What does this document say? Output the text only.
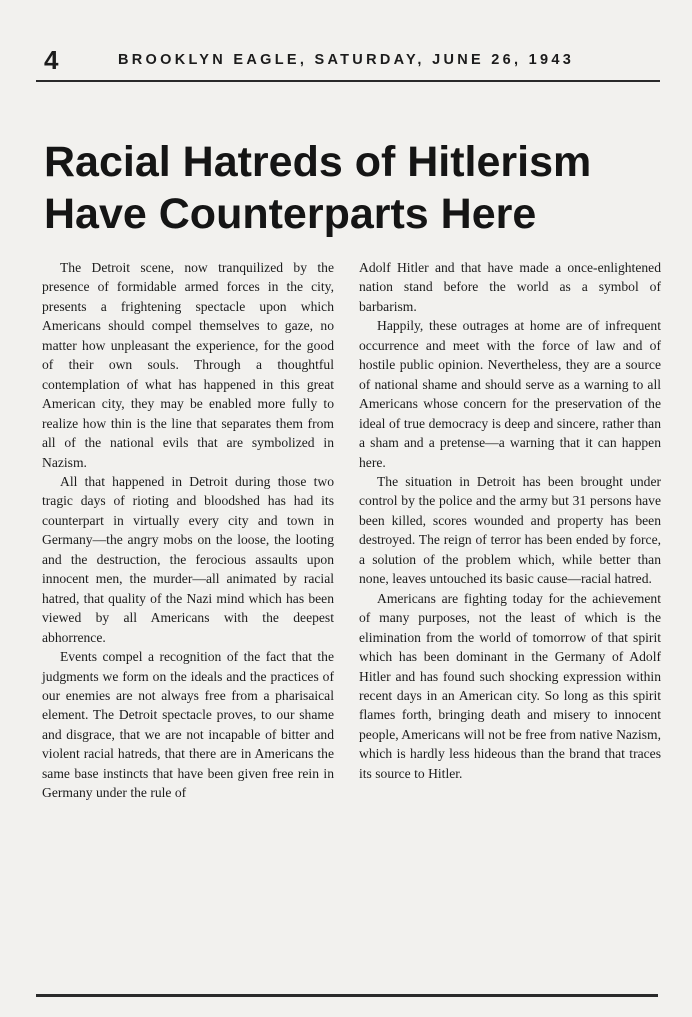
4	BROOKLYN EAGLE, SATURDAY, JUNE 26, 1943
Racial Hatreds of Hitlerism
Have Counterparts Here

The Detroit scene, now tranquilized by the presence of formidable armed forces in the city, presents a frightening spectacle upon which Americans should compel themselves to gaze, no matter how unpleasant the experience, for the good of their own souls. Through a thoughtful contemplation of what has happened in this great American city, they may be enabled more fully to realize how thin is the line that separates them from all of the national evils that are symbolized in Nazism.

All that happened in Detroit during those two tragic days of rioting and bloodshed has had its counterpart in virtually every city and town in Germany—the angry mobs on the loose, the looting and the destruction, the ferocious assaults upon innocent men, the murder—all animated by racial hatred, that quality of the Nazi mind which has been viewed by all Americans with the deepest abhorrence.

Events compel a recognition of the fact that the judgments we form on the ideals and the practices of our enemies are not always free from a pharisaical element. The Detroit spectacle proves, to our shame and disgrace, that we are not incapable of bitter and violent racial hatreds, that there are in Americans the same base instincts that have been given free rein in Germany under the rule of

Adolf Hitler and that have made a once-enlightened nation stand before the world as a symbol of barbarism.

Happily, these outrages at home are of infrequent occurrence and meet with the force of law and of hostile public opinion. Nevertheless, they are a source of national shame and should serve as a warning to all Americans whose concern for the preservation of the ideal of true democracy is deep and sincere, rather than a sham and a pretense—a warning that it can happen here.

The situation in Detroit has been brought under control by the police and the army but 31 persons have been killed, scores wounded and property has been destroyed. The reign of terror has been ended by force, a solution of the problem which, while better than none, leaves untouched its basic cause—racial hatred.

Americans are fighting today for the achievement of many purposes, not the least of which is the elimination from the world of tomorrow of that spirit which has been dominant in the Germany of Adolf Hitler and has found such shocking expression within recent days in an American city. So long as this spirit flames forth, bringing death and misery to innocent people, Americans will not be free from native Nazism, which is hardly less hideous than the brand that traces its source to Hitler.
